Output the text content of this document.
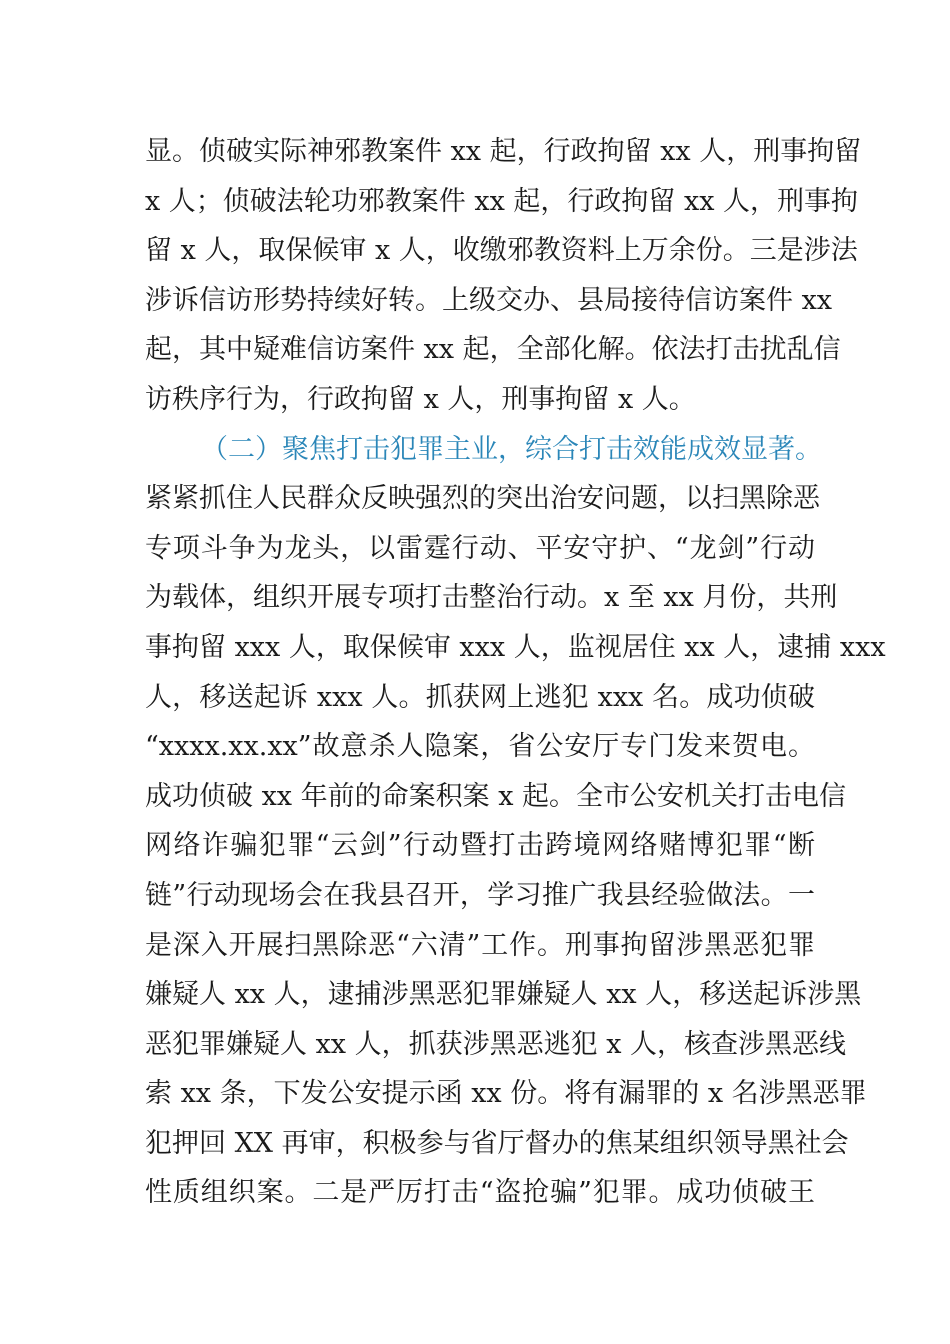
显。侦破实际神邪教案件 xx 起，行政拘留 xx 人，刑事拘留
x 人；侦破法轮功邪教案件 xx 起，行政拘留 xx 人，刑事拘
留 x 人，取保候审 x 人，收缴邪教资料上万余份。三是涉法
涉诉信访形势持续好转。上级交办、县局接待信访案件 xx
起，其中疑难信访案件 xx 起，全部化解。依法打击扰乱信
访秩序行为，行政拘留 x 人，刑事拘留 x 人。
（二）聚焦打击犯罪主业，综合打击效能成效显著。
紧紧抓住人民群众反映强烈的突出治安问题，以扫黑除恶
专项斗争为龙头，以雷霆行动、平安守护、“龙剑”行动
为载体，组织开展专项打击整治行动。x 至 xx 月份，共刑
事拘留 xxx 人，取保候审 xxx 人，监视居住 xx 人，逮捕 xxx
人，移送起诉 xxx 人。抓获网上逃犯 xxx 名。成功侦破
“xxxx.xx.xx”故意杀人隐案，省公安厅专门发来贺电。
成功侦破 xx 年前的命案积案 x 起。全市公安机关打击电信
网络诈骗犯罪“云剑”行动暨打击跨境网络赌博犯罪“断
链”行动现场会在我县召开，学习推广我县经验做法。一
是深入开展扫黑除恶“六清”工作。刑事拘留涉黑恶犯罪
嫌疑人 xx 人，逮捕涉黑恶犯罪嫌疑人 xx 人，移送起诉涉黑
恶犯罪嫌疑人 xx 人，抓获涉黑恶逃犯 x 人，核查涉黑恶线
索 xx 条，下发公安提示函 xx 份。将有漏罪的 x 名涉黑恶罪
犯押回 XX 再审，积极参与省厅督办的焦某组织领导黑社会
性质组织案。二是严厉打击“盗抢骗”犯罪。成功侦破王
